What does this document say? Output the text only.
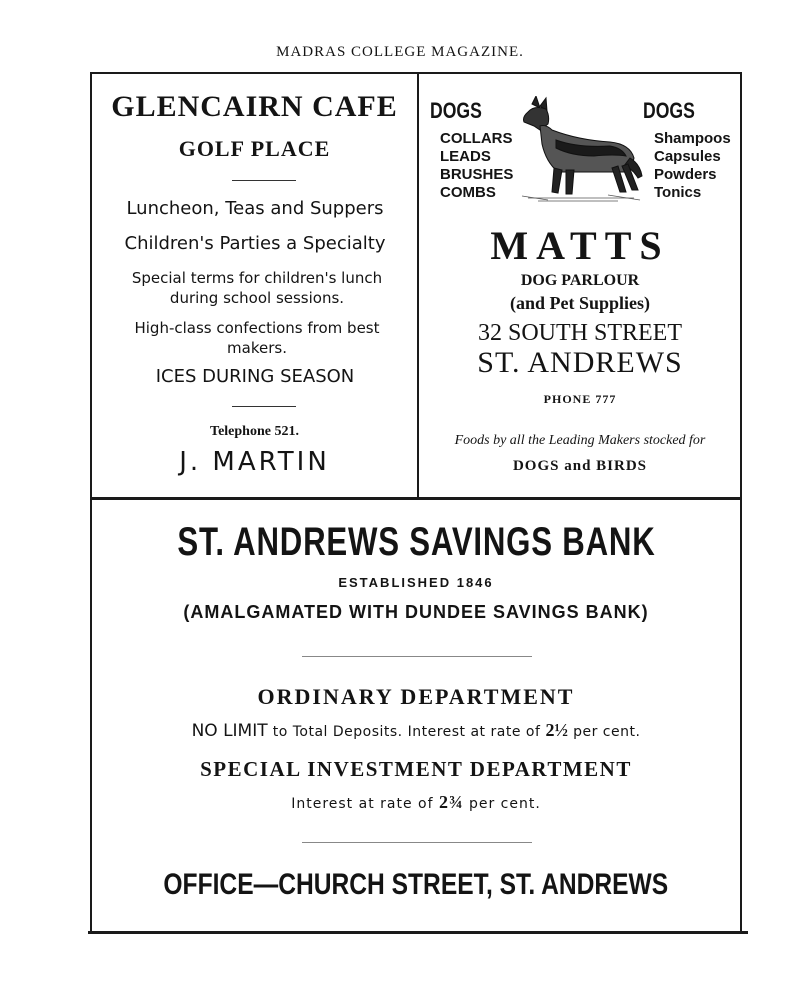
MADRAS COLLEGE MAGAZINE.
GLENCAIRN CAFE
GOLF PLACE
Luncheon, Teas and Suppers
Children's Parties a Specialty
Special terms for children's lunch during school sessions.
High-class confections from best makers.
ICES DURING SEASON
Telephone 521.
J. MARTIN
DOGS	DOGS
COLLARS
LEADS
BRUSHES
COMBS
Shampoos
Capsules
Powders
Tonics
MATTS
DOG PARLOUR
(and Pet Supplies)
32 SOUTH STREET
ST. ANDREWS
PHONE 777
Foods by all the Leading Makers stocked for
DOGS and BIRDS
ST. ANDREWS SAVINGS BANK
ESTABLISHED 1846
(AMALGAMATED WITH DUNDEE SAVINGS BANK)
ORDINARY DEPARTMENT
NO LIMIT to Total Deposits. Interest at rate of 2½ per cent.
SPECIAL INVESTMENT DEPARTMENT
Interest at rate of 2¾ per cent.
OFFICE—CHURCH STREET, ST. ANDREWS
